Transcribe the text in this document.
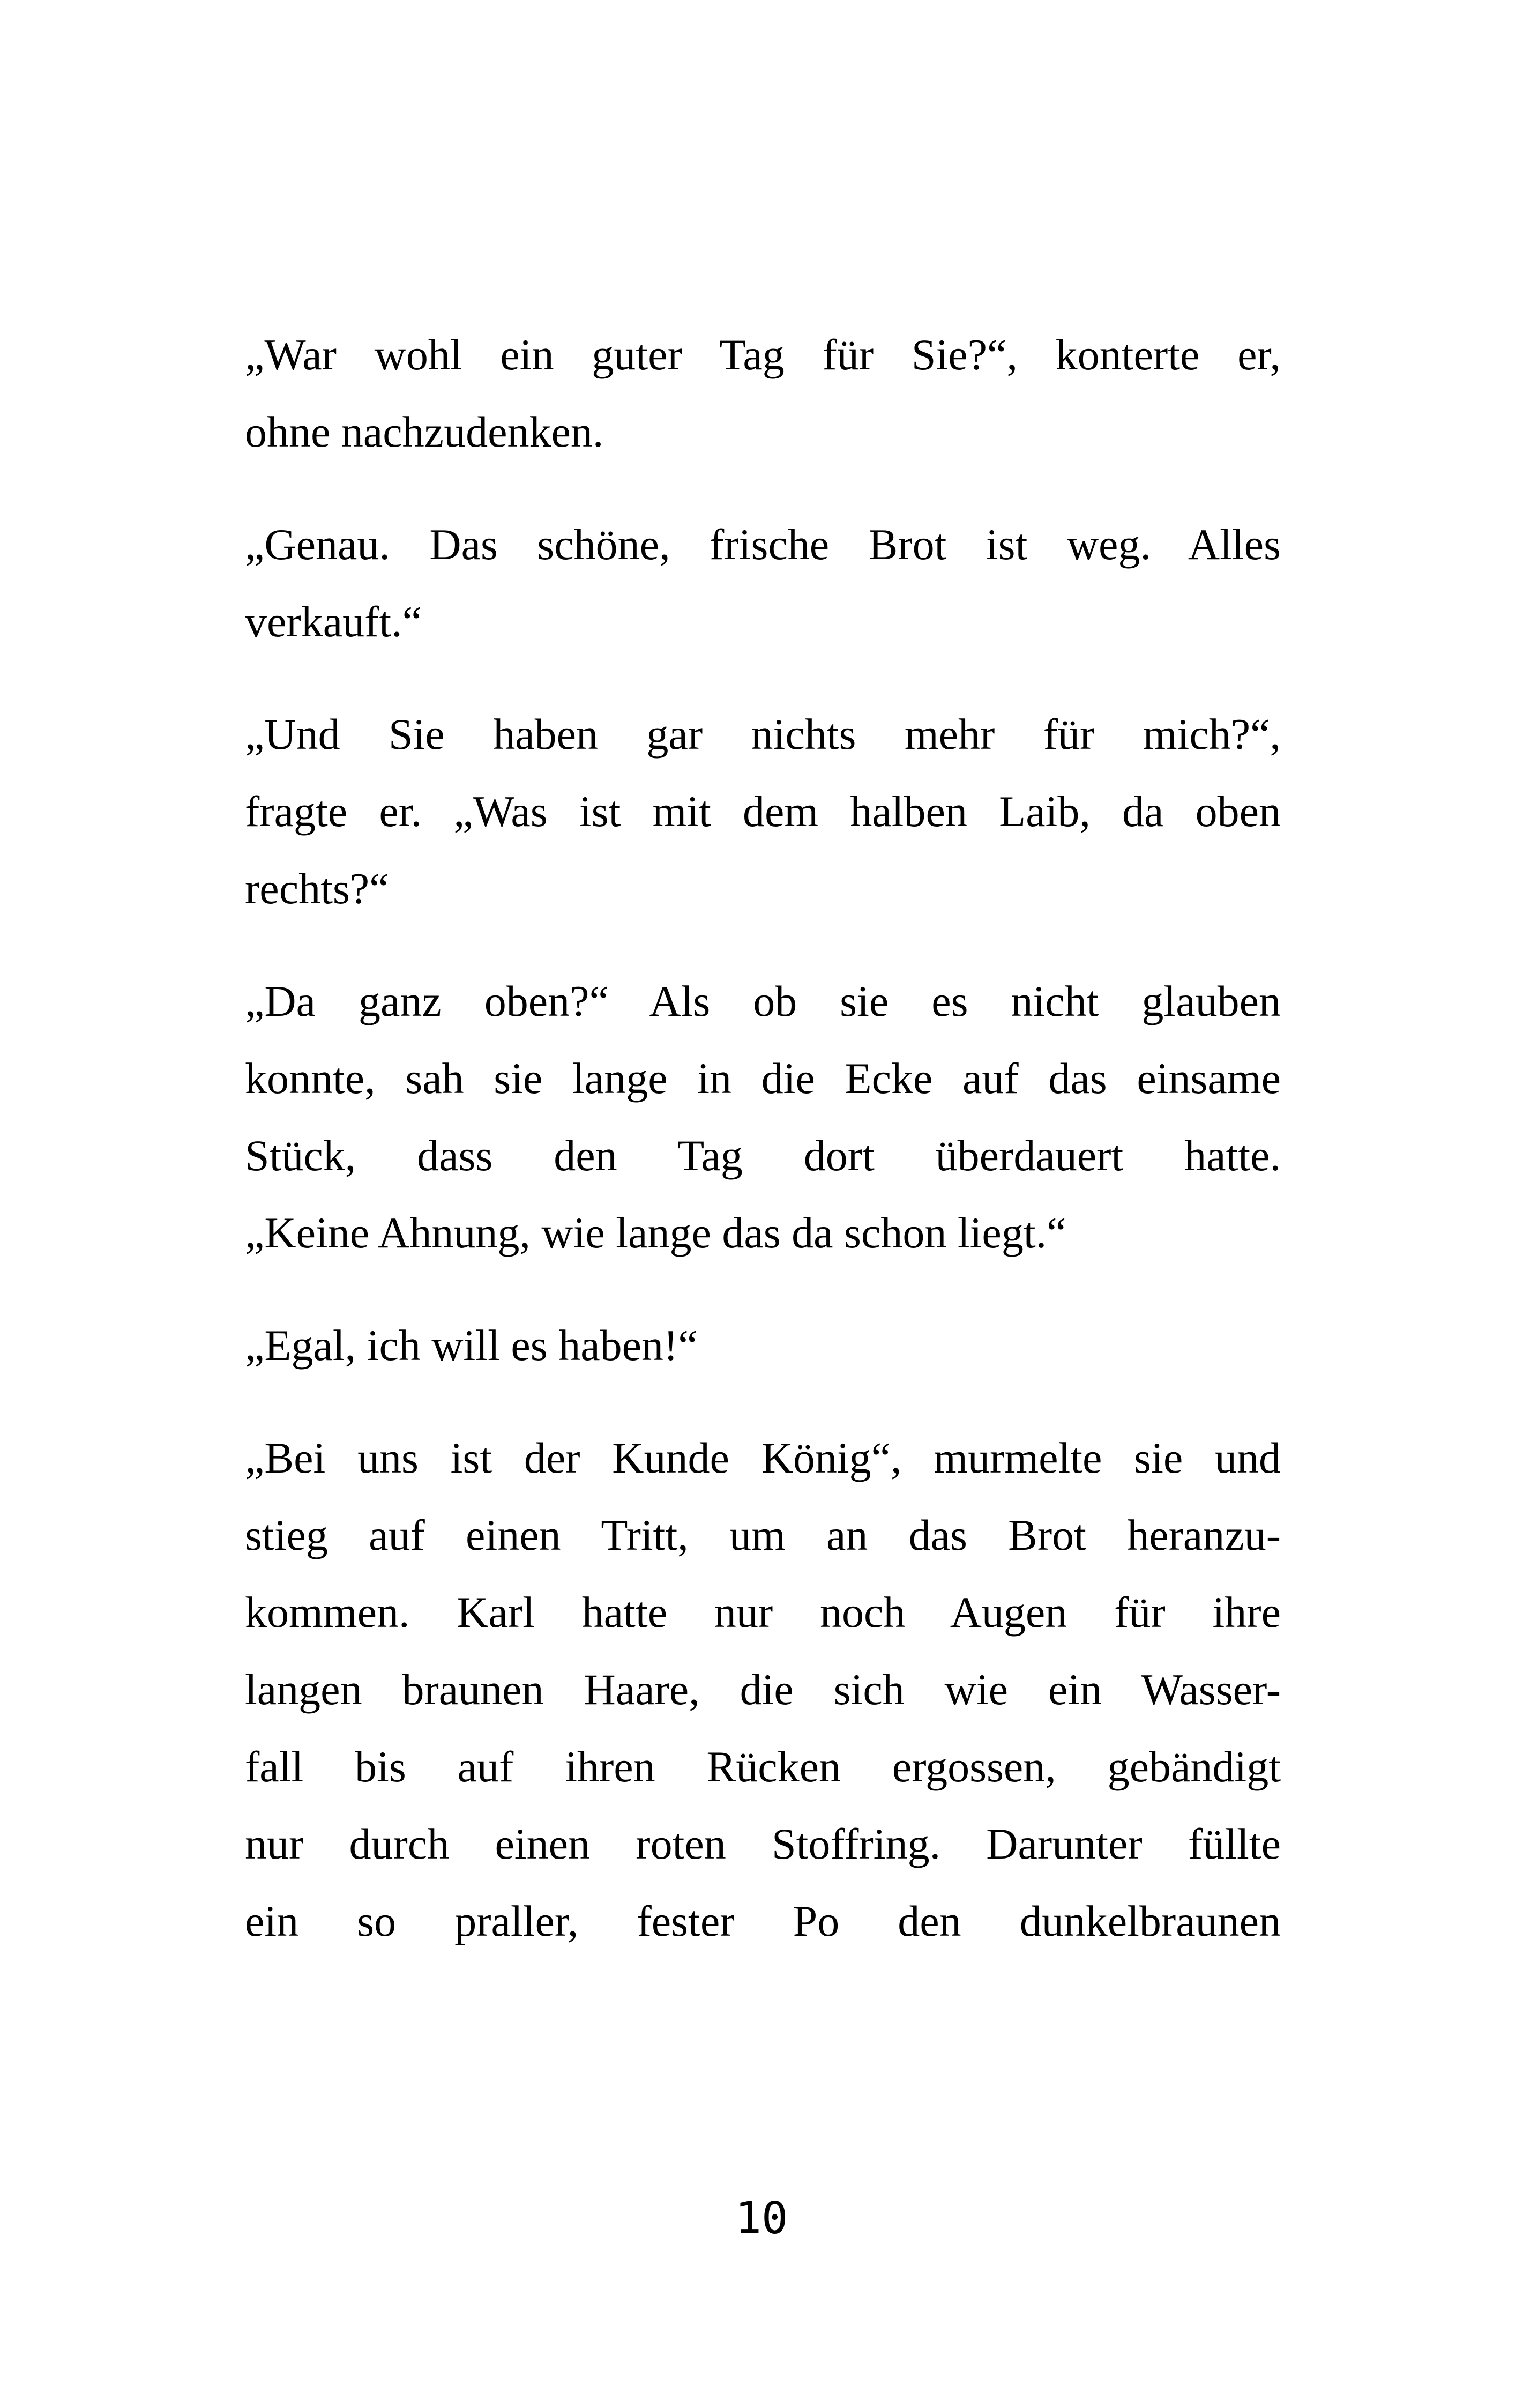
„War wohl ein guter Tag für Sie?“, konterte er,
ohne nachzudenken.

„Genau. Das schöne, frische Brot ist weg. Alles
verkauft.“

„Und Sie haben gar nichts mehr für mich?“,
fragte er. „Was ist mit dem halben Laib, da oben
rechts?“

„Da ganz oben?“ Als ob sie es nicht glauben
konnte, sah sie lange in die Ecke auf das einsame
Stück, dass den Tag dort überdauert hatte.
„Keine Ahnung, wie lange das da schon liegt.“

„Egal, ich will es haben!“

„Bei uns ist der Kunde König“, murmelte sie und
stieg auf einen Tritt, um an das Brot heranzu-
kommen. Karl hatte nur noch Augen für ihre
langen braunen Haare, die sich wie ein Wasser-
fall bis auf ihren Rücken ergossen, gebändigt
nur durch einen roten Stoffring. Darunter füllte
ein so praller, fester Po den dunkelbraunen

10
